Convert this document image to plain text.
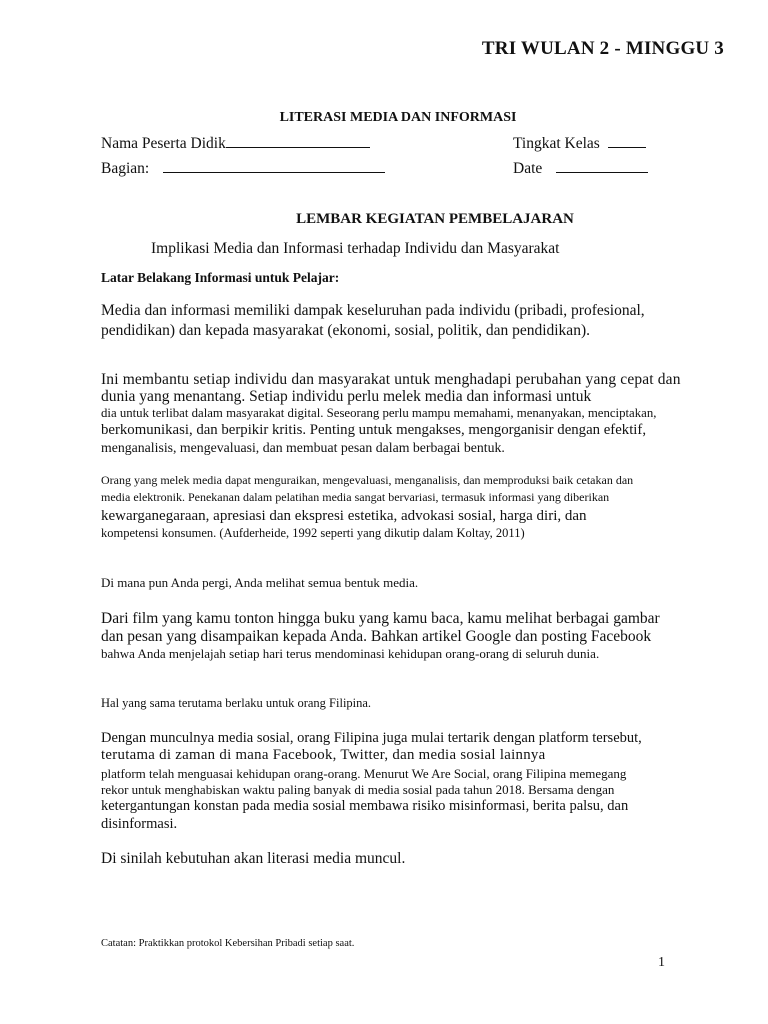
TRI WULAN 2 - MINGGU 3
LITERASI MEDIA DAN INFORMASI
Nama Peserta Didik	Tingkat Kelas
Bagian:	Date
LEMBAR KEGIATAN PEMBELAJARAN
Implikasi Media dan Informasi terhadap Individu dan Masyarakat
Latar Belakang Informasi untuk Pelajar:
Media dan informasi memiliki dampak keseluruhan pada individu (pribadi, profesional,
pendidikan) dan kepada masyarakat (ekonomi, sosial, politik, dan pendidikan).
Ini membantu setiap individu dan masyarakat untuk menghadapi perubahan yang cepat dan
dunia yang menantang. Setiap individu perlu melek media dan informasi untuk
dia untuk terlibat dalam masyarakat digital. Seseorang perlu mampu memahami, menanyakan, menciptakan,
berkomunikasi, dan berpikir kritis. Penting untuk mengakses, mengorganisir dengan efektif,
menganalisis, mengevaluasi, dan membuat pesan dalam berbagai bentuk.
Orang yang melek media dapat menguraikan, mengevaluasi, menganalisis, dan memproduksi baik cetakan dan
media elektronik. Penekanan dalam pelatihan media sangat bervariasi, termasuk informasi yang diberikan
kewarganegaraan, apresiasi dan ekspresi estetika, advokasi sosial, harga diri, dan
kompetensi konsumen. (Aufderheide, 1992 seperti yang dikutip dalam Koltay, 2011)
Di mana pun Anda pergi, Anda melihat semua bentuk media.
Dari film yang kamu tonton hingga buku yang kamu baca, kamu melihat berbagai gambar
dan pesan yang disampaikan kepada Anda. Bahkan artikel Google dan posting Facebook
bahwa Anda menjelajah setiap hari terus mendominasi kehidupan orang-orang di seluruh dunia.
Hal yang sama terutama berlaku untuk orang Filipina.
Dengan munculnya media sosial, orang Filipina juga mulai tertarik dengan platform tersebut,
terutama di zaman di mana Facebook, Twitter, dan media sosial lainnya
platform telah menguasai kehidupan orang-orang. Menurut We Are Social, orang Filipina memegang
rekor untuk menghabiskan waktu paling banyak di media sosial pada tahun 2018. Bersama dengan
ketergantungan konstan pada media sosial membawa risiko misinformasi, berita palsu, dan
disinformasi.
Di sinilah kebutuhan akan literasi media muncul.
Catatan: Praktikkan protokol Kebersihan Pribadi setiap saat.
1
